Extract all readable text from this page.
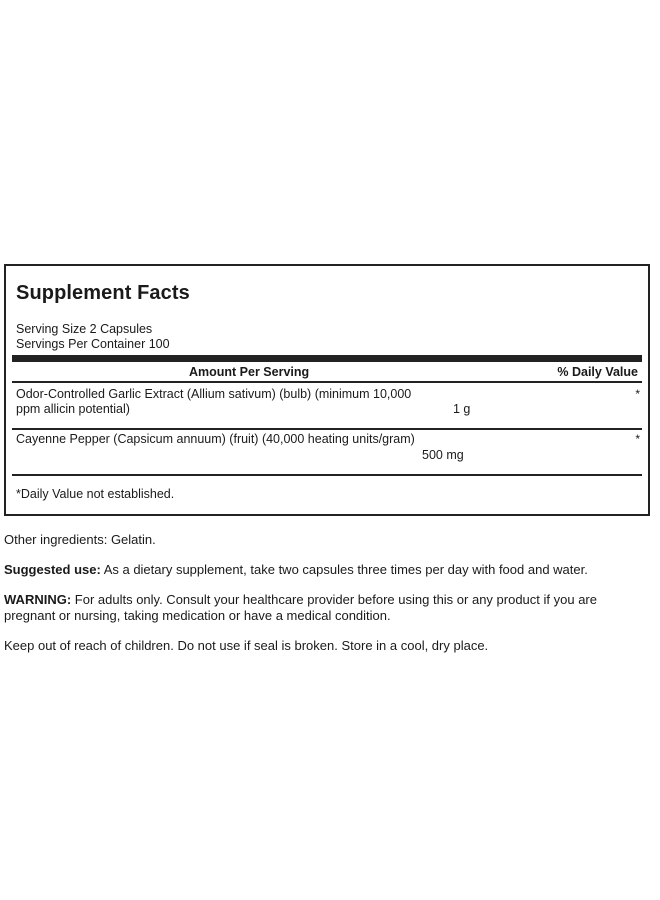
Supplement Facts
Serving Size 2 Capsules
Servings Per Container 100
Amount Per Serving	% Daily Value
Odor-Controlled Garlic Extract (Allium sativum) (bulb) (minimum 10,000
ppm allicin potential)	1 g
*
Cayenne Pepper (Capsicum annuum) (fruit) (40,000 heating units/gram)
500 mg
*
*Daily Value not established.
Other ingredients: Gelatin.
Suggested use: As a dietary supplement, take two capsules three times per day with food and water.
WARNING: For adults only. Consult your healthcare provider before using this or any product if you are
pregnant or nursing, taking medication or have a medical condition.
Keep out of reach of children. Do not use if seal is broken. Store in a cool, dry place.
